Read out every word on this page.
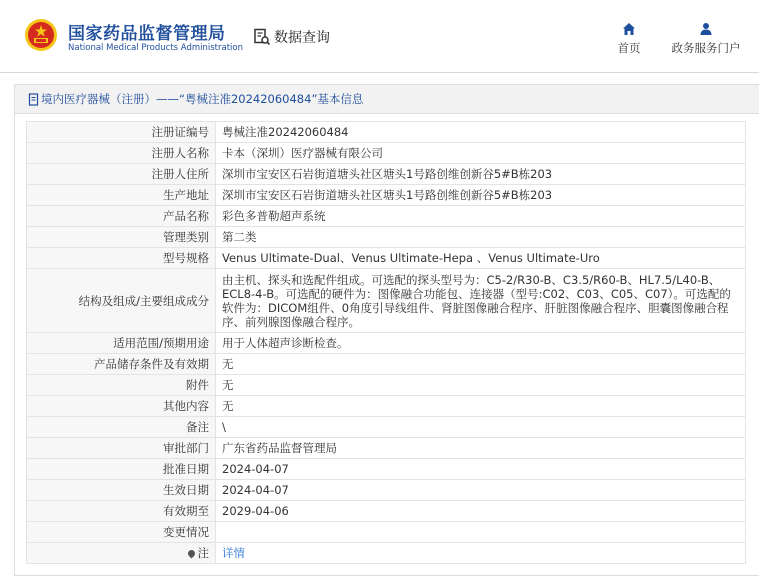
国家药品监督管理局
National Medical Products Administration
数据查询
首页	政务服务门户
境内医疗器械（注册）——“粤械注准20242060484”基本信息
注册证编号	粤械注准20242060484
注册人名称	卡本（深圳）医疗器械有限公司
注册人住所	深圳市宝安区石岩街道塘头社区塘头1号路创维创新谷5#B栋203
生产地址	深圳市宝安区石岩街道塘头社区塘头1号路创维创新谷5#B栋203
产品名称	彩色多普勒超声系统
管理类别	第二类
型号规格	Venus Ultimate-Dual、Venus Ultimate-Hepa 、Venus Ultimate-Uro
结构及组成/主要组成成分	由主机、探头和选配件组成。可选配的探头型号为：C5-2/R30-B、C3.5/R60-B、HL7.5/L40-B、ECL8-4-B。可选配的硬件为：图像融合功能包、连接器（型号:C02、C03、C05、C07）。可选配的软件为：DICOM组件、0角度引导线组件、肾脏图像融合程序、肝脏图像融合程序、胆囊图像融合程序、前列腺图像融合程序。
适用范围/预期用途	用于人体超声诊断检查。
产品储存条件及有效期	无
附件	无
其他内容	无
备注	\
审批部门	广东省药品监督管理局
批准日期	2024-04-07
生效日期	2024-04-07
有效期至	2029-04-06
变更情况	
注	详情
